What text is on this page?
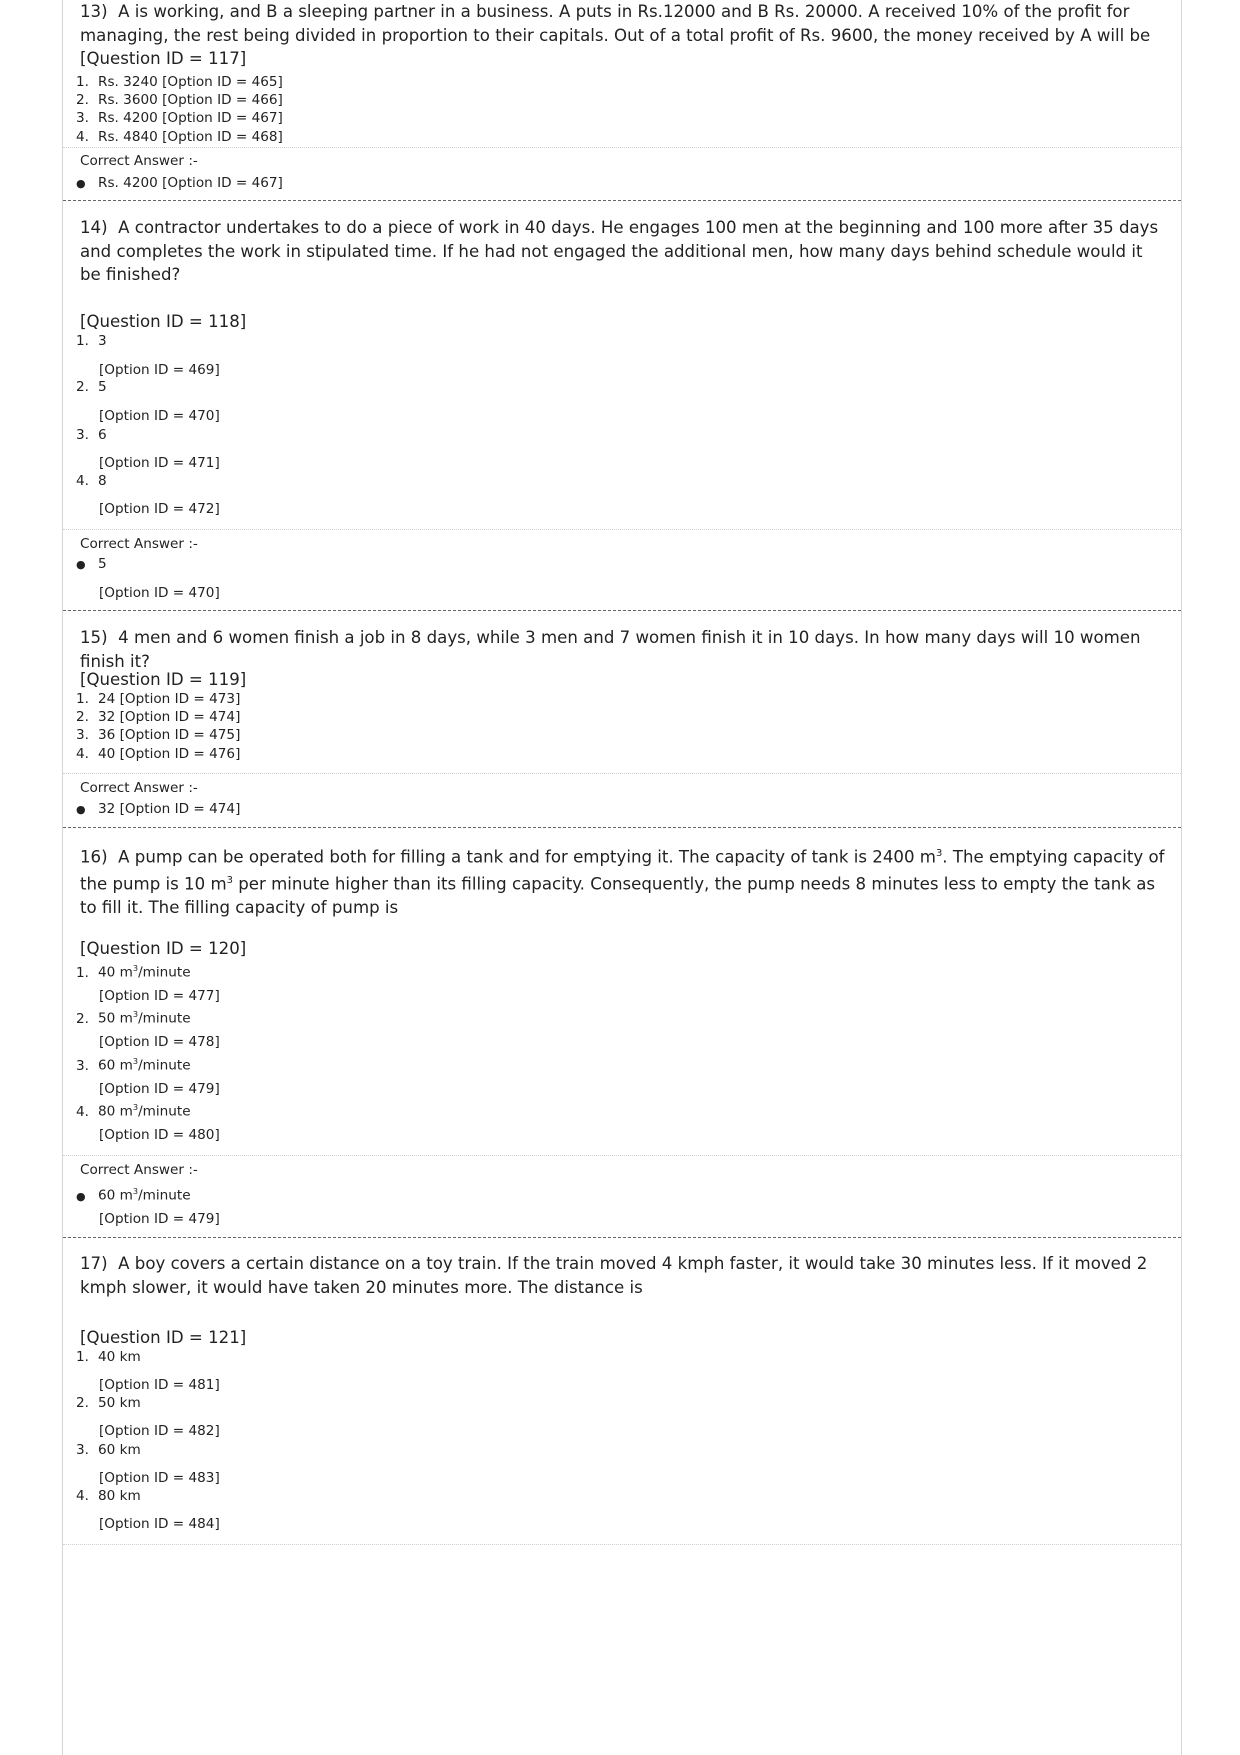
13) A is working, and B a sleeping partner in a business. A puts in Rs.12000 and B Rs. 20000. A received 10% of the profit for managing, the rest being divided in proportion to their capitals. Out of a total profit of Rs. 9600, the money received by A will be
[Question ID = 117]
1. Rs. 3240 [Option ID = 465]
2. Rs. 3600 [Option ID = 466]
3. Rs. 4200 [Option ID = 467]
4. Rs. 4840 [Option ID = 468]
Correct Answer :-
● Rs. 4200 [Option ID = 467]
14) A contractor undertakes to do a piece of work in 40 days. He engages 100 men at the beginning and 100 more after 35 days and completes the work in stipulated time. If he had not engaged the additional men, how many days behind schedule would it be finished?
[Question ID = 118]
1. 3
[Option ID = 469]
2. 5
[Option ID = 470]
3. 6
[Option ID = 471]
4. 8
[Option ID = 472]
Correct Answer :-
● 5
[Option ID = 470]
15) 4 men and 6 women finish a job in 8 days, while 3 men and 7 women finish it in 10 days. In how many days will 10 women finish it?
[Question ID = 119]
1. 24 [Option ID = 473]
2. 32 [Option ID = 474]
3. 36 [Option ID = 475]
4. 40 [Option ID = 476]
Correct Answer :-
● 32 [Option ID = 474]
16) A pump can be operated both for filling a tank and for emptying it. The capacity of tank is 2400 $m^3$. The emptying capacity of the pump is 10 $m^3$ per minute higher than its filling capacity. Consequently, the pump needs 8 minutes less to empty the tank as to fill it. The filling capacity of pump is
[Question ID = 120]
1. 40 $m^3$/minute
[Option ID = 477]
2. 50 $m^3$/minute
[Option ID = 478]
3. 60 $m^3$/minute
[Option ID = 479]
4. 80 $m^3$/minute
[Option ID = 480]
Correct Answer :-
● 60 $m^3$/minute
[Option ID = 479]
17) A boy covers a certain distance on a toy train. If the train moved 4 kmph faster, it would take 30 minutes less. If it moved 2 kmph slower, it would have taken 20 minutes more. The distance is
[Question ID = 121]
1. 40 km
[Option ID = 481]
2. 50 km
[Option ID = 482]
3. 60 km
[Option ID = 483]
4. 80 km
[Option ID = 484]
